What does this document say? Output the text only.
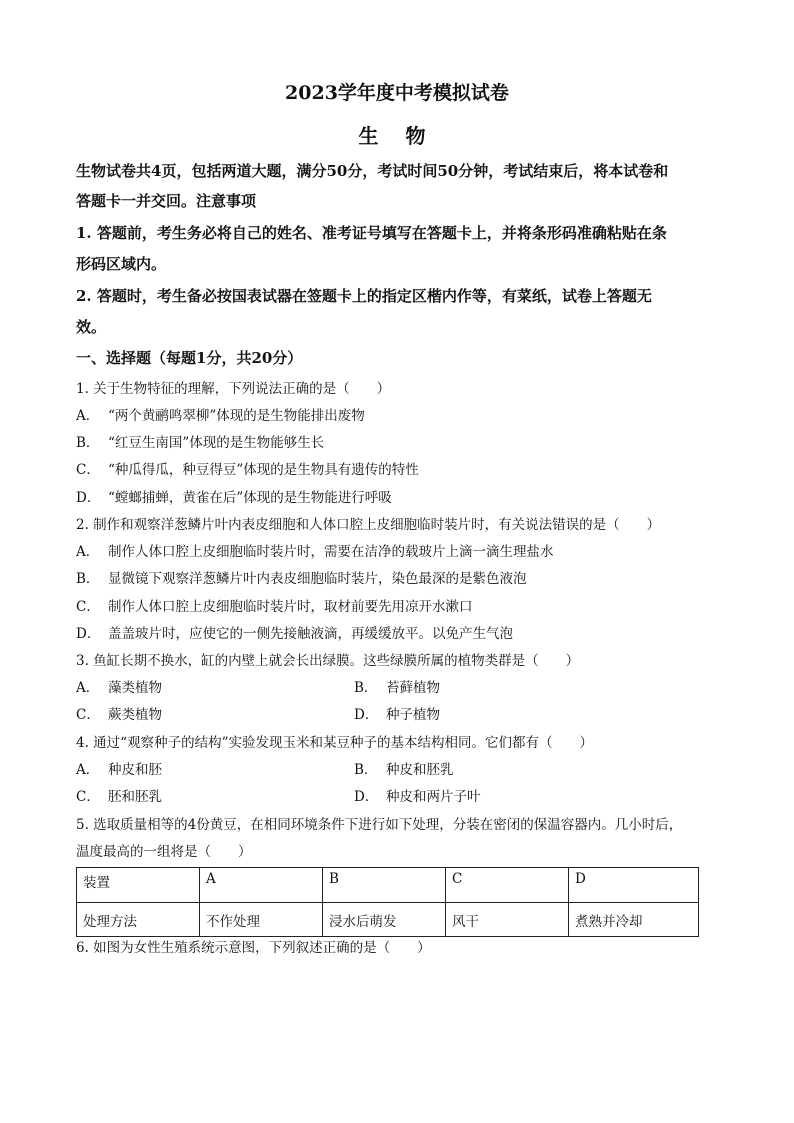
2023学年度中考模拟试卷
生 物
生物试卷共4页，包括两道大题，满分50分，考试时间50分钟，考试结束后，将本试卷和
答题卡一并交回。注意事项
1. 答题前，考生务必将自己的姓名、准考证号填写在答题卡上，并将条形码准确粘贴在条
形码区域内。
2. 答题时，考生备必按国表试器在签题卡上的指定区楷内作等，有菜纸，试卷上答题无
效。
一、选择题（每题1分，共20分）
1. 关于生物特征的理解，下列说法正确的是（　　）
A． “两个黄鹂鸣翠柳”体现的是生物能排出废物
B． “红豆生南国”体现的是生物能够生长
C． “种瓜得瓜，种豆得豆”体现的是生物具有遗传的特性
D． “螳螂捕蝉，黄雀在后”体现的是生物能进行呼吸
2. 制作和观察洋葱鳞片叶内表皮细胞和人体口腔上皮细胞临时装片时，有关说法错误的是（　　）
A． 制作人体口腔上皮细胞临时装片时，需要在洁净的载玻片上滴一滴生理盐水
B． 显微镜下观察洋葱鳞片叶内表皮细胞临时装片，染色最深的是紫色液泡
C． 制作人体口腔上皮细胞临时装片时，取材前要先用凉开水漱口
D． 盖盖玻片时，应使它的一侧先接触液滴，再缓缓放平。以免产生气泡
3. 鱼缸长期不换水，缸的内壁上就会长出绿膜。这些绿膜所属的植物类群是（　　）
A． 藻类植物	B． 苔藓植物
C． 蕨类植物	D． 种子植物
4. 通过“观察种子的结构”实验发现玉米和某豆种子的基本结构相同。它们都有（　　）
A． 种皮和胚	B． 种皮和胚乳
C． 胚和胚乳	D． 种皮和两片子叶
5. 选取质量相等的4份黄豆，在相同环境条件下进行如下处理，分装在密闭的保温容器内。几小时后，
温度最高的一组将是（　　）
装置	A	B	C	D
处理方法	不作处理	浸水后萌发	风干	煮熟并冷却
6. 如图为女性生殖系统示意图，下列叙述正确的是（　　）
